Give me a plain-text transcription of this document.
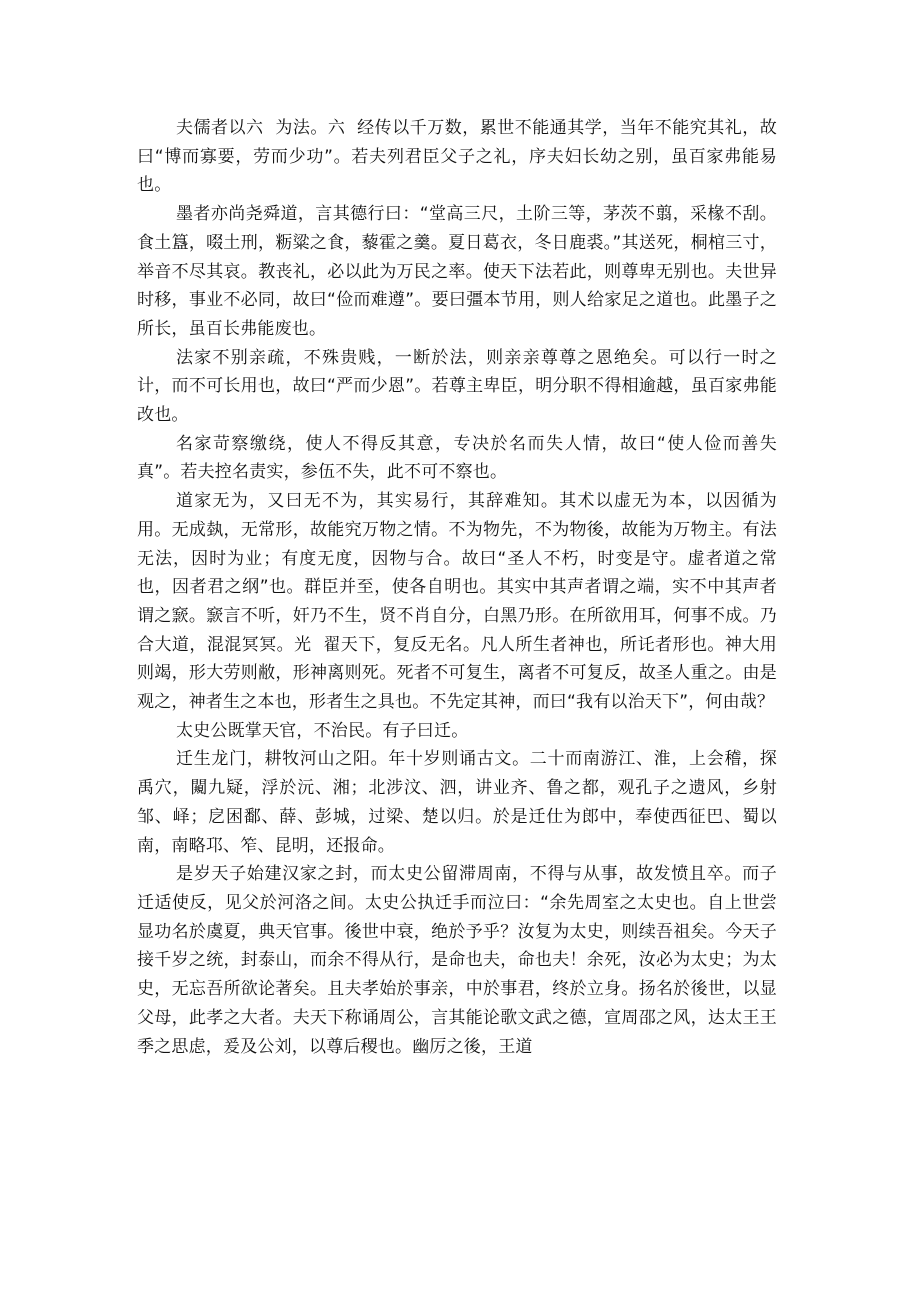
夫儒者以六  为法。六  经传以千万数，累世不能通其学，当年不能究其礼，故曰“博而寡要，劳而少功”。若夫列君臣父子之礼，序夫妇长幼之别，虽百家弗能易也。

墨者亦尚尧舜道，言其德行曰：“堂高三尺，土阶三等，茅茨不翦，采椽不刮。食土簋，啜土刑，粝粱之食，藜霍之羹。夏日葛衣，冬日鹿裘。”其送死，桐棺三寸，举音不尽其哀。教丧礼，必以此为万民之率。使天下法若此，则尊卑无别也。夫世异时移，事业不必同，故曰“俭而难遵”。要曰彊本节用，则人给家足之道也。此墨子之所长，虽百长弗能废也。

法家不别亲疏，不殊贵贱，一断於法，则亲亲尊尊之恩绝矣。可以行一时之计，而不可长用也，故曰“严而少恩”。若尊主卑臣，明分职不得相逾越，虽百家弗能改也。

名家苛察缴绕，使人不得反其意，专决於名而失人情，故曰“使人俭而善失真”。若夫控名责实，参伍不失，此不可不察也。

道家无为，又曰无不为，其实易行，其辞难知。其术以虚无为本，以因循为用。无成埶，无常形，故能究万物之情。不为物先，不为物後，故能为万物主。有法无法，因时为业；有度无度，因物与合。故曰“圣人不朽，时变是守。虚者道之常也，因者君之纲”也。群臣并至，使各自明也。其实中其声者谓之端，实不中其声者谓之窾。窾言不听，奸乃不生，贤不肖自分，白黑乃形。在所欲用耳，何事不成。乃合大道，混混冥冥。光  翟天下，复反无名。凡人所生者神也，所讬者形也。神大用则竭，形大劳则敝，形神离则死。死者不可复生，离者不可复反，故圣人重之。由是观之，神者生之本也，形者生之具也。不先定其神，而曰“我有以治天下”，何由哉？

太史公既掌天官，不治民。有子曰迁。

迁生龙门，耕牧河山之阳。年十岁则诵古文。二十而南游江、淮，上会稽，探禹穴，闚九疑，浮於沅、湘；北涉汶、泗，讲业齐、鲁之都，观孔子之遗风，乡射邹、峄；戹困鄱、薛、彭城，过梁、楚以归。於是迁仕为郎中，奉使西征巴、蜀以南，南略邛、笮、昆明，还报命。

是岁天子始建汉家之封，而太史公留滞周南，不得与从事，故发愤且卒。而子迁适使反，见父於河洛之间。太史公执迁手而泣曰：“余先周室之太史也。自上世尝显功名於虞夏，典天官事。後世中衰，绝於予乎？汝复为太史，则续吾祖矣。今天子接千岁之统，封泰山，而余不得从行，是命也夫，命也夫！余死，汝必为太史；为太史，无忘吾所欲论著矣。且夫孝始於事亲，中於事君，终於立身。扬名於後世，以显父母，此孝之大者。夫天下称诵周公，言其能论歌文武之德，宣周邵之风，达太王王季之思虑，爰及公刘，以尊后稷也。幽厉之後，王道
